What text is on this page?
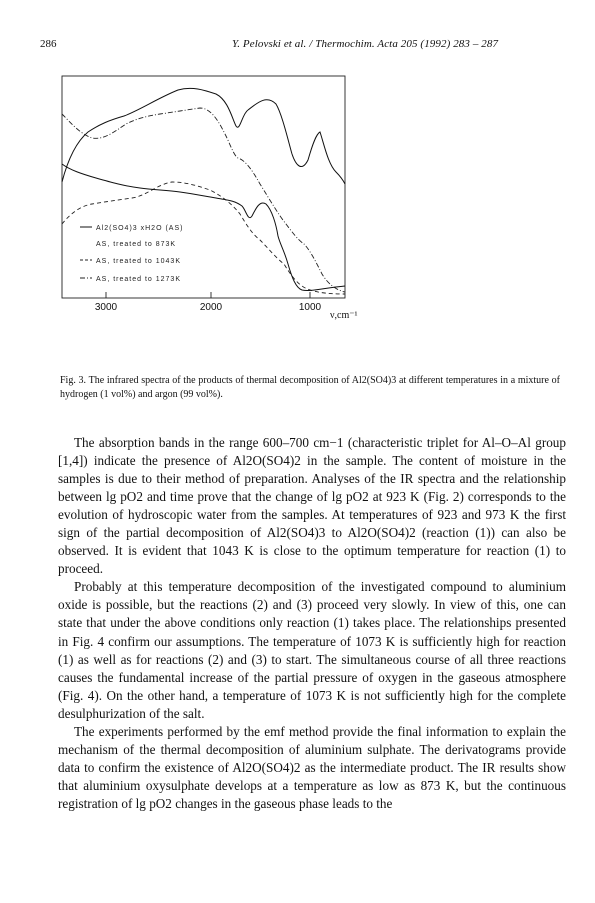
286	Y. Pelovski et al. / Thermochim. Acta 205 (1992) 283 – 287
Al2(SO4)3 xH2O (AS)
AS, treated to 873K
AS, treated to 1043K
AS, treated to 1273K
3000	2000	1000
ν,cm⁻¹
Fig. 3. The infrared spectra of the products of thermal decomposition of Al2(SO4)3 at different temperatures in a mixture of hydrogen (1 vol%) and argon (99 vol%).

The absorption bands in the range 600–700 cm−1 (characteristic triplet for Al–O–Al group [1,4]) indicate the presence of Al2O(SO4)2 in the sample. The content of moisture in the samples is due to their method of preparation. Analyses of the IR spectra and the relationship between lg pO2 and time prove that the change of lg pO2 at 923 K (Fig. 2) corresponds to the evolution of hydroscopic water from the samples. At temperatures of 923 and 973 K the first sign of the partial decomposition of Al2(SO4)3 to Al2O(SO4)2 (reaction (1)) can also be observed. It is evident that 1043 K is close to the optimum temperature for reaction (1) to proceed.

Probably at this temperature decomposition of the investigated compound to aluminium oxide is possible, but the reactions (2) and (3) proceed very slowly. In view of this, one can state that under the above conditions only reaction (1) takes place. The relationships presented in Fig. 4 confirm our assumptions. The temperature of 1073 K is sufficiently high for reaction (1) as well as for reactions (2) and (3) to start. The simultaneous course of all three reactions causes the fundamental increase of the partial pressure of oxygen in the gaseous atmosphere (Fig. 4). On the other hand, a temperature of 1073 K is not sufficiently high for the complete desulphurization of the salt.

The experiments performed by the emf method provide the final information to explain the mechanism of the thermal decomposition of aluminium sulphate. The derivatograms provide data to confirm the existence of Al2O(SO4)2 as the intermediate product. The IR results show that aluminium oxysulphate develops at a temperature as low as 873 K, but the continuous registration of lg pO2 changes in the gaseous phase leads to the
